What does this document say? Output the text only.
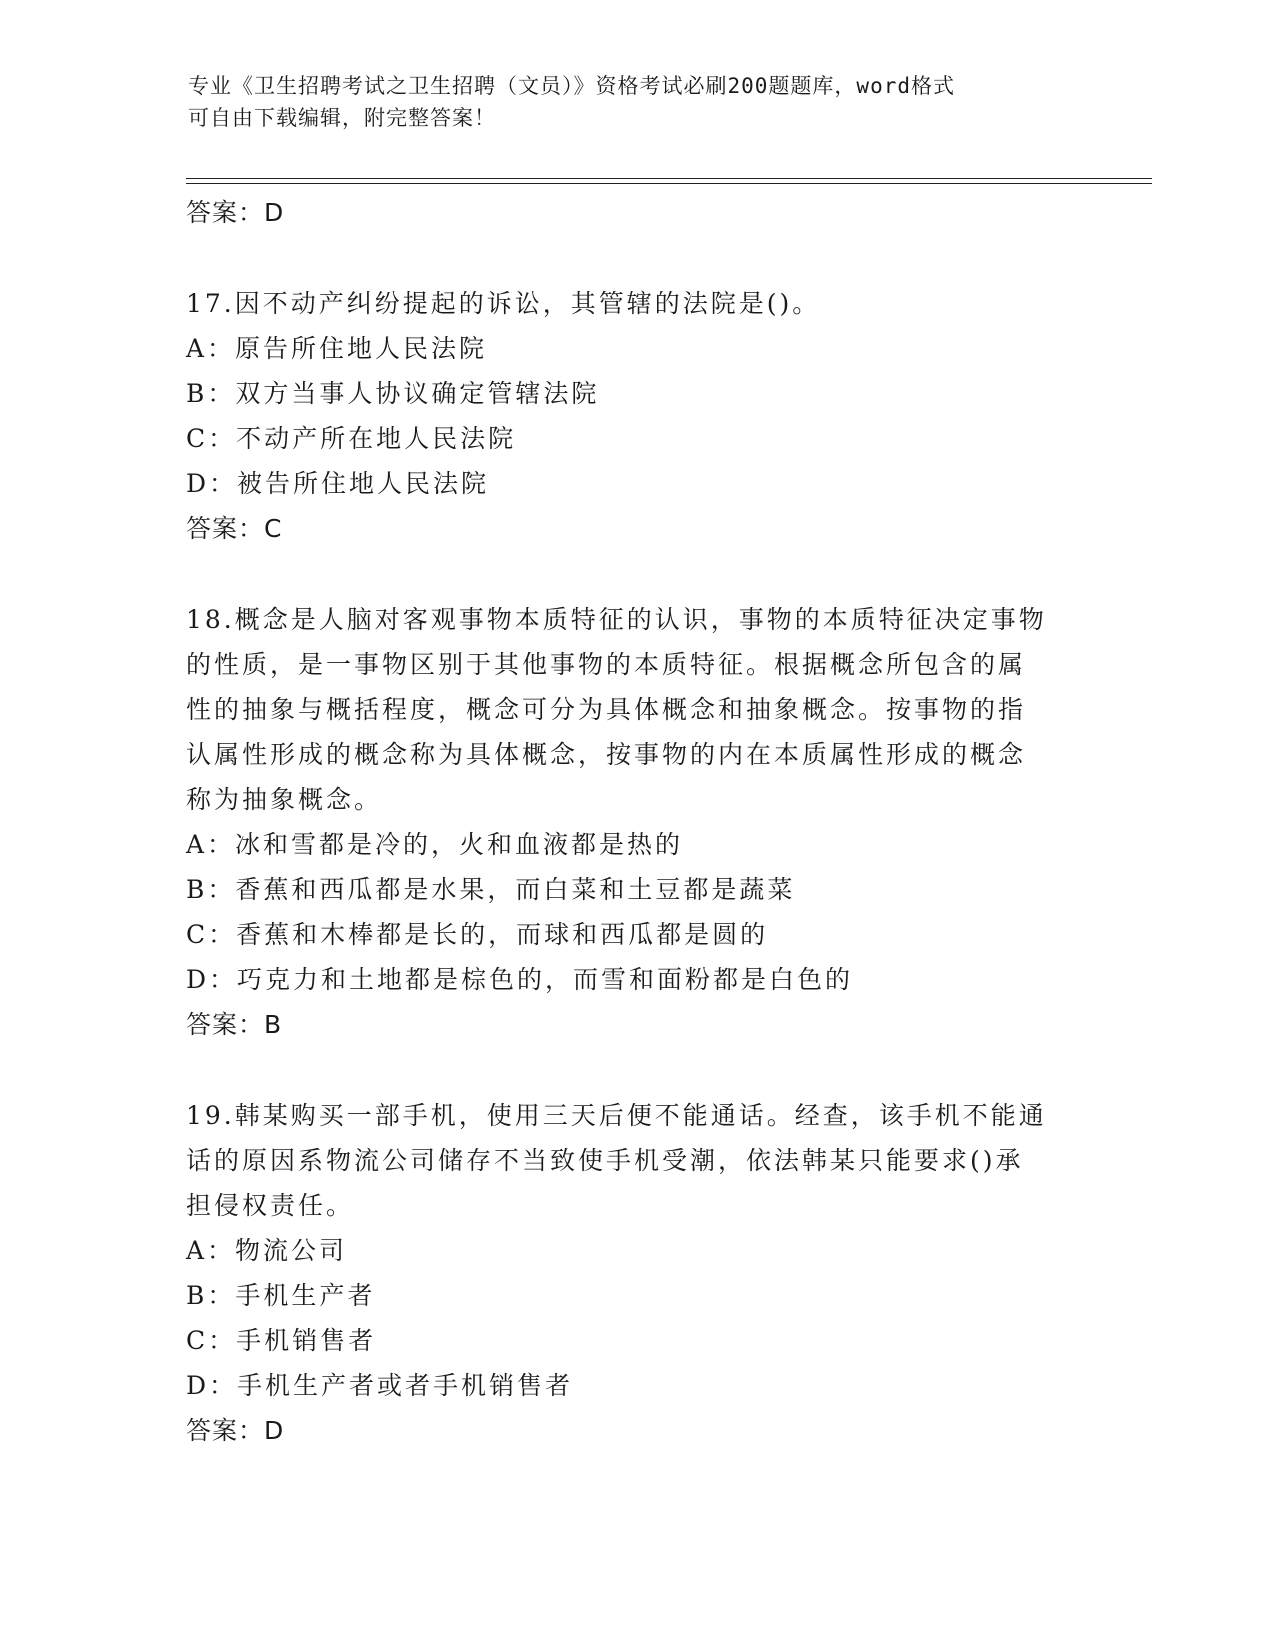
专业《卫生招聘考试之卫生招聘（文员）》资格考试必刷200题题库，word格式
可自由下载编辑，附完整答案！
答案：D
17.因不动产纠纷提起的诉讼，其管辖的法院是()。
A：原告所住地人民法院
B：双方当事人协议确定管辖法院
C：不动产所在地人民法院
D：被告所住地人民法院
答案：C
18.概念是人脑对客观事物本质特征的认识，事物的本质特征决定事物
的性质，是一事物区别于其他事物的本质特征。根据概念所包含的属
性的抽象与概括程度，概念可分为具体概念和抽象概念。按事物的指
认属性形成的概念称为具体概念，按事物的内在本质属性形成的概念
称为抽象概念。
A：冰和雪都是冷的，火和血液都是热的
B：香蕉和西瓜都是水果，而白菜和土豆都是蔬菜
C：香蕉和木棒都是长的，而球和西瓜都是圆的
D：巧克力和土地都是棕色的，而雪和面粉都是白色的
答案：B
19.韩某购买一部手机，使用三天后便不能通话。经查，该手机不能通
话的原因系物流公司储存不当致使手机受潮，依法韩某只能要求()承
担侵权责任。
A：物流公司
B：手机生产者
C：手机销售者
D：手机生产者或者手机销售者
答案：D
